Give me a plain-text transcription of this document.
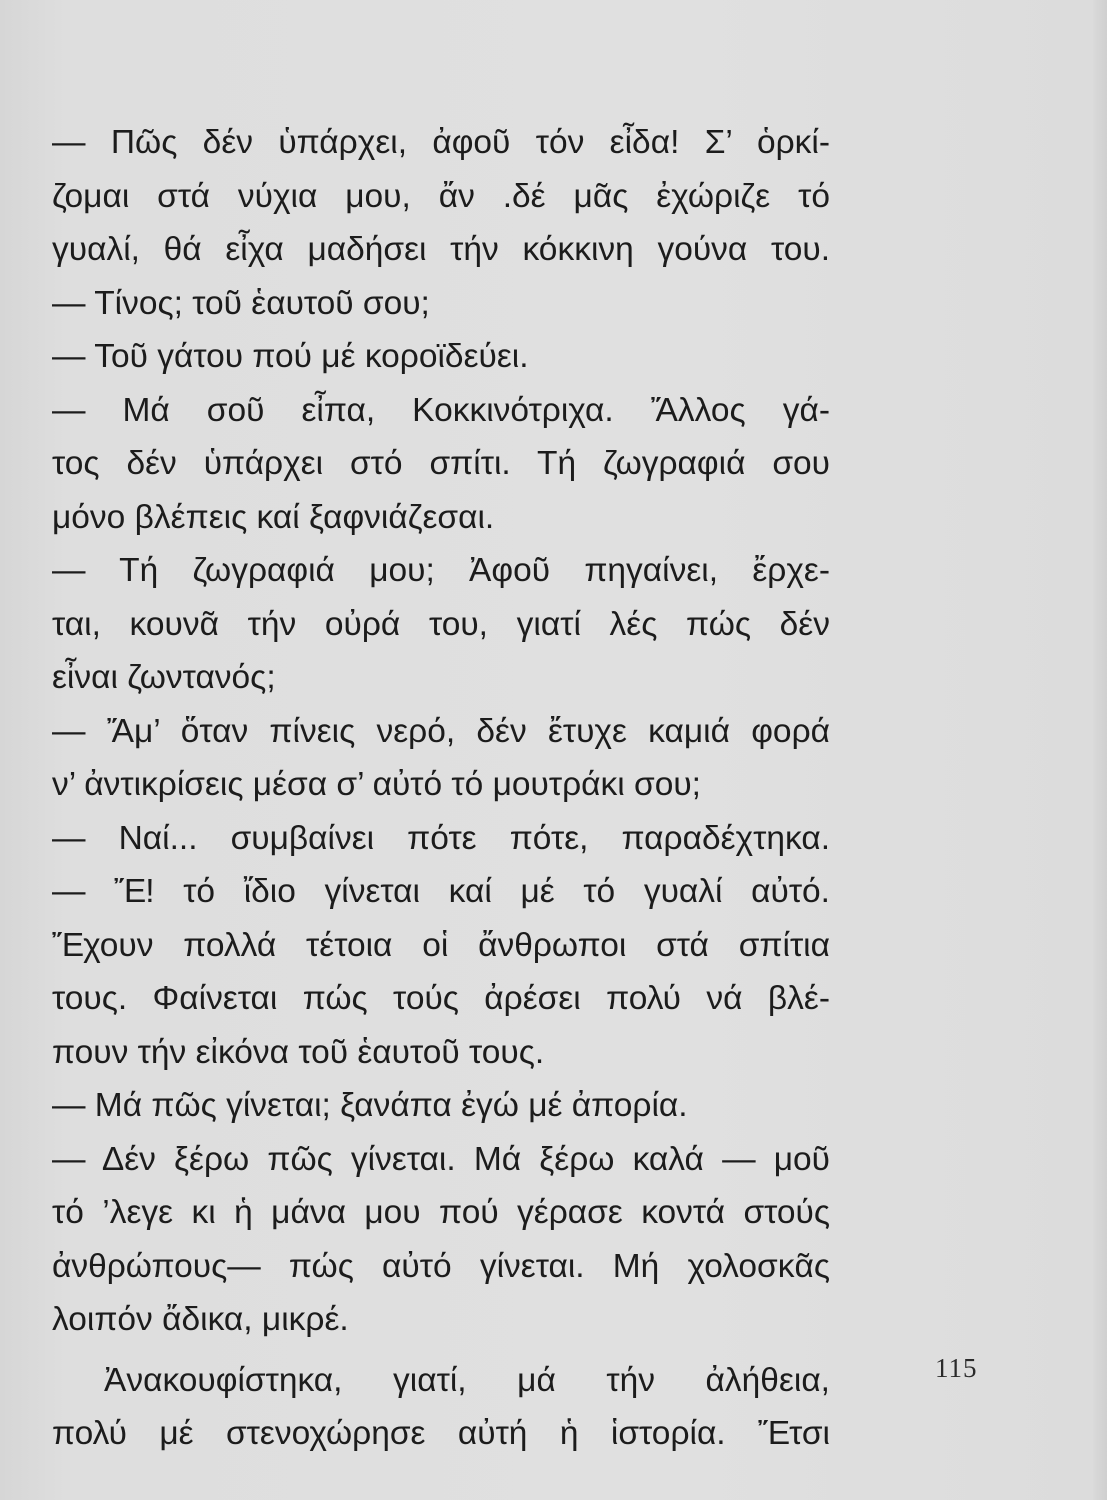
— Πῶς δέν ὑπάρχει, ἀφοῦ τόν εἶδα! Σ’ ὁρκί-
ζομαι στά νύχια μου, ἄν .δέ μᾶς ἐχώριζε τό
γυαλί, θά εἶχα μαδήσει τήν κόκκινη γούνα του.
— Τίνος; τοῦ ἑαυτοῦ σου;
— Τοῦ γάτου πού μέ κοροϊδεύει.
— Μά σοῦ εἶπα, Κοκκινότριχα. Ἄλλος γά-
τος δέν ὑπάρχει στό σπίτι. Τή ζωγραφιά σου
μόνο βλέπεις καί ξαφνιάζεσαι.
— Τή ζωγραφιά μου; Ἀφοῦ πηγαίνει, ἔρχε-
ται, κουνᾶ τήν οὐρά του, γιατί λές πώς δέν
εἶναι ζωντανός;
— Ἄμ’ ὅταν πίνεις νερό, δέν ἔτυχε καμιά φορά
ν’ ἀντικρίσεις μέσα σ’ αὐτό τό μουτράκι σου;
— Ναί... συμβαίνει πότε πότε, παραδέχτηκα.
— Ἔ! τό ἴδιο γίνεται καί μέ τό γυαλί αὐτό.
Ἔχουν πολλά τέτοια οἱ ἄνθρωποι στά σπίτια
τους. Φαίνεται πώς τούς ἀρέσει πολύ νά βλέ-
πουν τήν εἰκόνα τοῦ ἑαυτοῦ τους.
— Μά πῶς γίνεται; ξανάπα ἐγώ μέ ἀπορία.
— Δέν ξέρω πῶς γίνεται. Μά ξέρω καλά — μοῦ
τό ’λεγε κι ἡ μάνα μου πού γέρασε κοντά στούς
ἀνθρώπους— πώς αὐτό γίνεται. Μή χολοσκᾶς
λοιπόν ἄδικα, μικρέ.
Ἀνακουφίστηκα, γιατί, μά τήν ἀλήθεια,
πολύ μέ στενοχώρησε αὐτή ἡ ἱστορία. Ἔτσι
115
